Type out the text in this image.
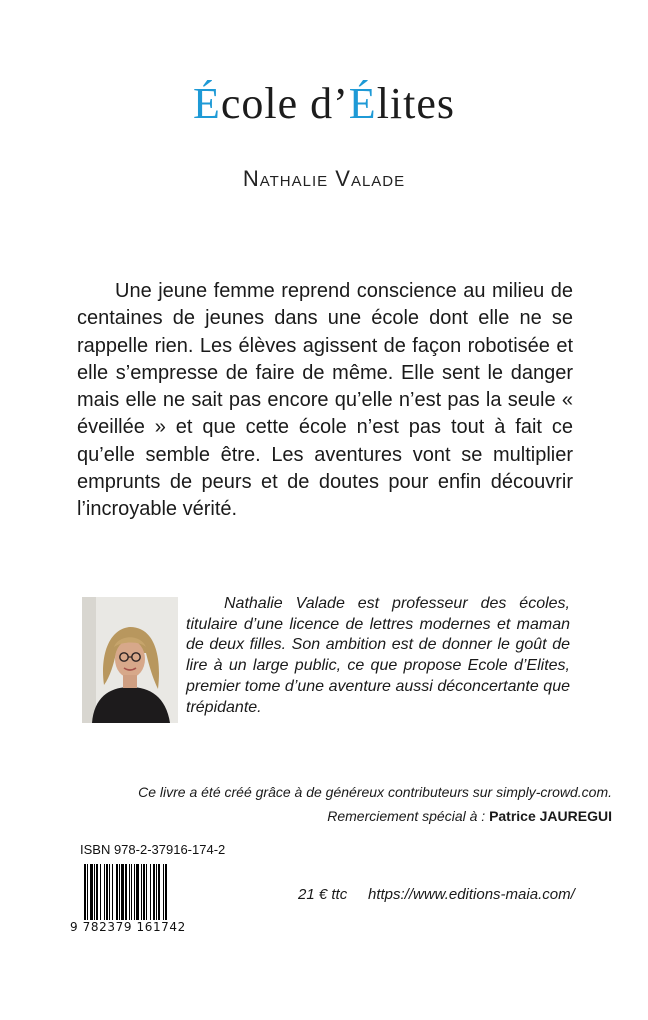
École d’Élites
Nathalie Valade
Une jeune femme reprend conscience au milieu de centaines de jeunes dans une école dont elle ne se rappelle rien. Les élèves agissent de façon robotisée et elle s’empresse de faire de même. Elle sent le danger mais elle ne sait pas encore qu’elle n’est pas la seule « éveillée » et que cette école n’est pas tout à fait ce qu’elle semble être. Les aventures vont se multiplier emprunts de peurs et de doutes pour enfin découvrir l’incroyable vérité.
Nathalie Valade est professeur des écoles, titulaire d’une licence de lettres modernes et maman de deux filles. Son ambition est de donner le goût de lire à un large public, ce que propose Ecole d’Elites, premier tome d’une aventure aussi déconcertante que trépidante.
Ce livre a été créé grâce à de généreux contributeurs sur simply-crowd.com.
Remerciement spécial à : Patrice JAUREGUI
ISBN 978-2-37916-174-2
9 782379 161742
21 € ttc https://www.editions-maia.com/
